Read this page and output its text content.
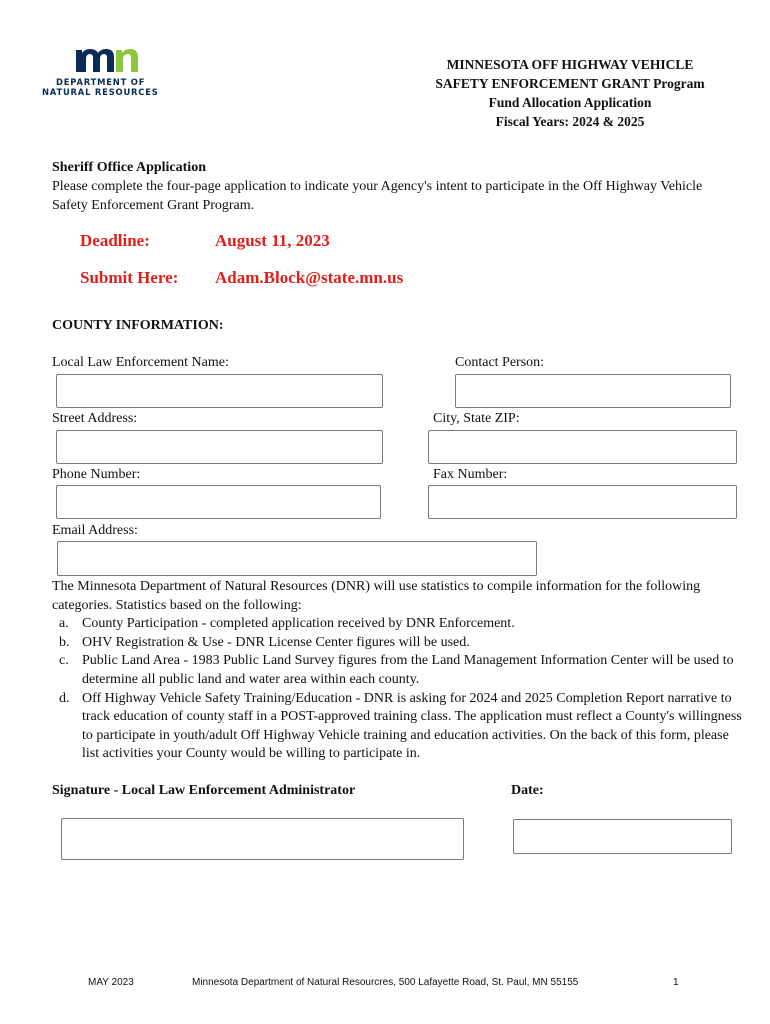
DEPARTMENT OF
NATURAL RESOURCES
MINNESOTA OFF HIGHWAY VEHICLE
SAFETY ENFORCEMENT GRANT Program
Fund Allocation Application
Fiscal Years: 2024 & 2025
Sheriff Office Application
Please complete the four-page application to indicate your Agency's intent to participate in the Off Highway Vehicle Safety Enforcement Grant Program.
Deadline:	August 11, 2023
Submit Here: Adam.Block@state.mn.us
COUNTY INFORMATION:
Local Law Enforcement Name:	Contact Person:
Street Address:	City, State ZIP:
Phone Number:	Fax Number:
Email Address:
The Minnesota Department of Natural Resources (DNR) will use statistics to compile information for the following categories. Statistics based on the following:
a. County Participation - completed application received by DNR Enforcement.
b. OHV Registration & Use - DNR License Center figures will be used.
c. Public Land Area - 1983 Public Land Survey figures from the Land Management Information Center will be used to determine all public land and water area within each county.
d. Off Highway Vehicle Safety Training/Education - DNR is asking for 2024 and 2025 Completion Report narrative to track education of county staff in a POST-approved training class. The application must reflect a County's willingness to participate in youth/adult Off Highway Vehicle training and education activities. On the back of this form, please list activities your County would be willing to participate in.
Signature - Local Law Enforcement Administrator	Date:
MAY 2023	Minnesota Department of Natural Resourcres, 500 Lafayette Road, St. Paul, MN 55155	1
